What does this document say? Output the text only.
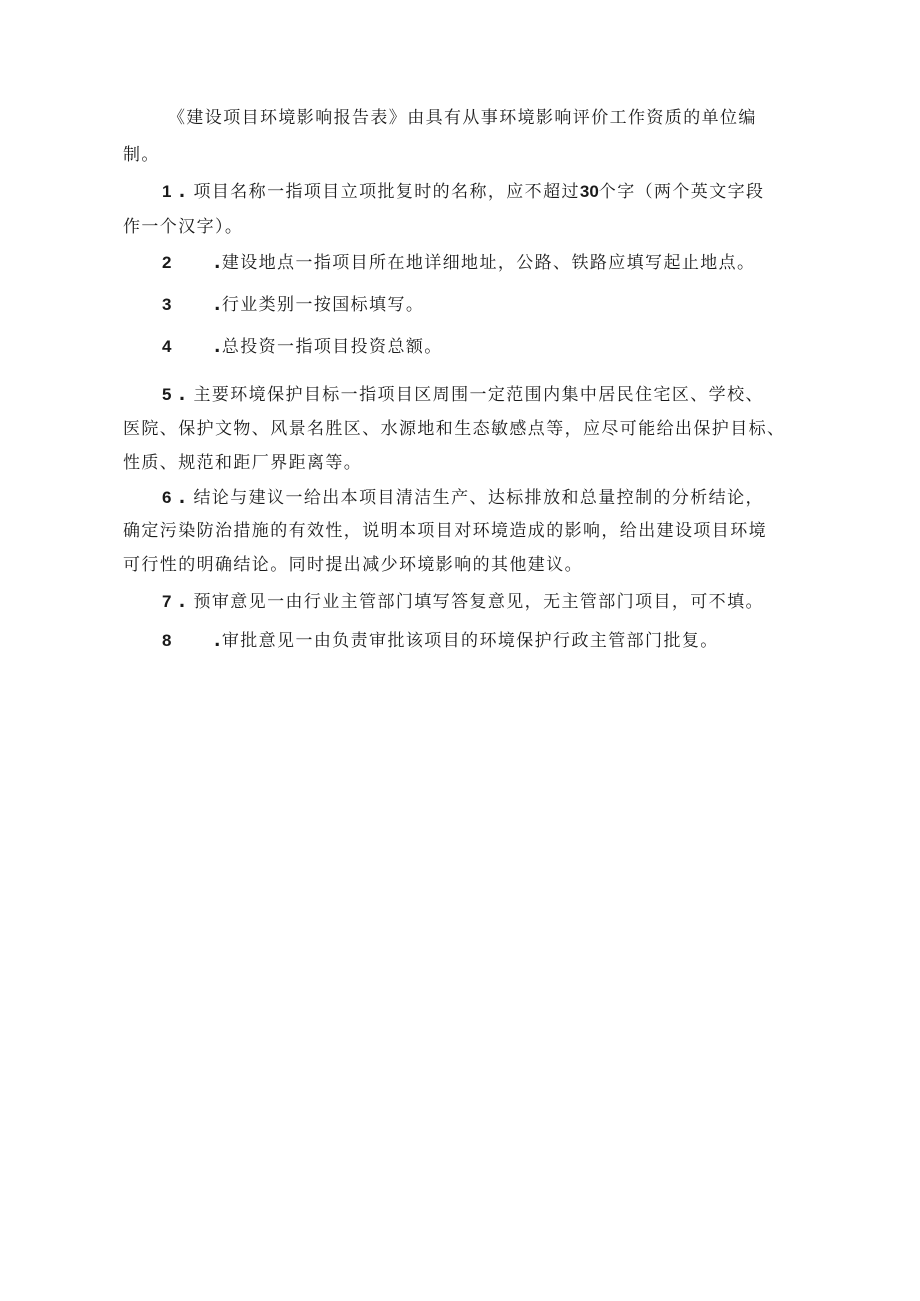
《建设项目环境影响报告表》由具有从事环境影响评价工作资质的单位编
制。
1 . 项目名称一指项目立项批复时的名称，应不超过30个字（两个英文字段
作一个汉字）。
2	.建设地点一指项目所在地详细地址，公路、铁路应填写起止地点。
3	.行业类别一按国标填写。
4	.总投资一指项目投资总额。
5 . 主要环境保护目标一指项目区周围一定范围内集中居民住宅区、学校、
医院、保护文物、风景名胜区、水源地和生态敏感点等，应尽可能给出保护目标、
性质、规范和距厂界距离等。
6 . 结论与建议一给出本项目清洁生产、达标排放和总量控制的分析结论，
确定污染防治措施的有效性，说明本项目对环境造成的影响，给出建设项目环境
可行性的明确结论。同时提出减少环境影响的其他建议。
7 . 预审意见一由行业主管部门填写答复意见，无主管部门项目，可不填。
8	.审批意见一由负责审批该项目的环境保护行政主管部门批复。
